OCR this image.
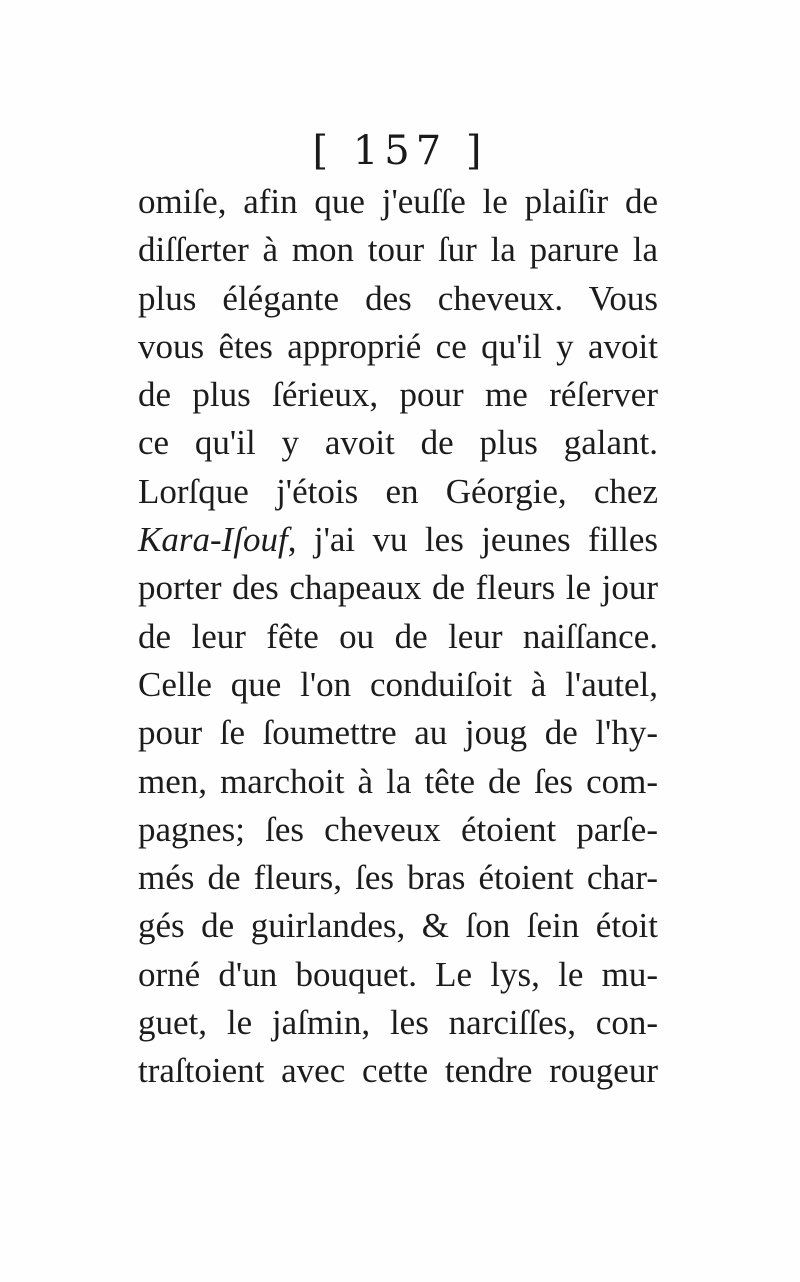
[ 157 ]
omiſe, afin que j'euſſe le plaiſir de
diſſerter à mon tour ſur la parure la
plus élégante des cheveux. Vous
vous êtes approprié ce qu'il y avoit
de plus ſérieux, pour me réſerver
ce qu'il y avoit de plus galant.
Lorſque j'étois en Géorgie, chez
Kara-Iſouf, j'ai vu les jeunes filles
porter des chapeaux de fleurs le jour
de leur fête ou de leur naiſſance.
Celle que l'on conduiſoit à l'autel,
pour ſe ſoumettre au joug de l'hy-
men, marchoit à la tête de ſes com-
pagnes; ſes cheveux étoient parſe-
més de fleurs, ſes bras étoient char-
gés de guirlandes, & ſon ſein étoit
orné d'un bouquet. Le lys, le mu-
guet, le jaſmin, les narciſſes, con-
traſtoient avec cette tendre rougeur
